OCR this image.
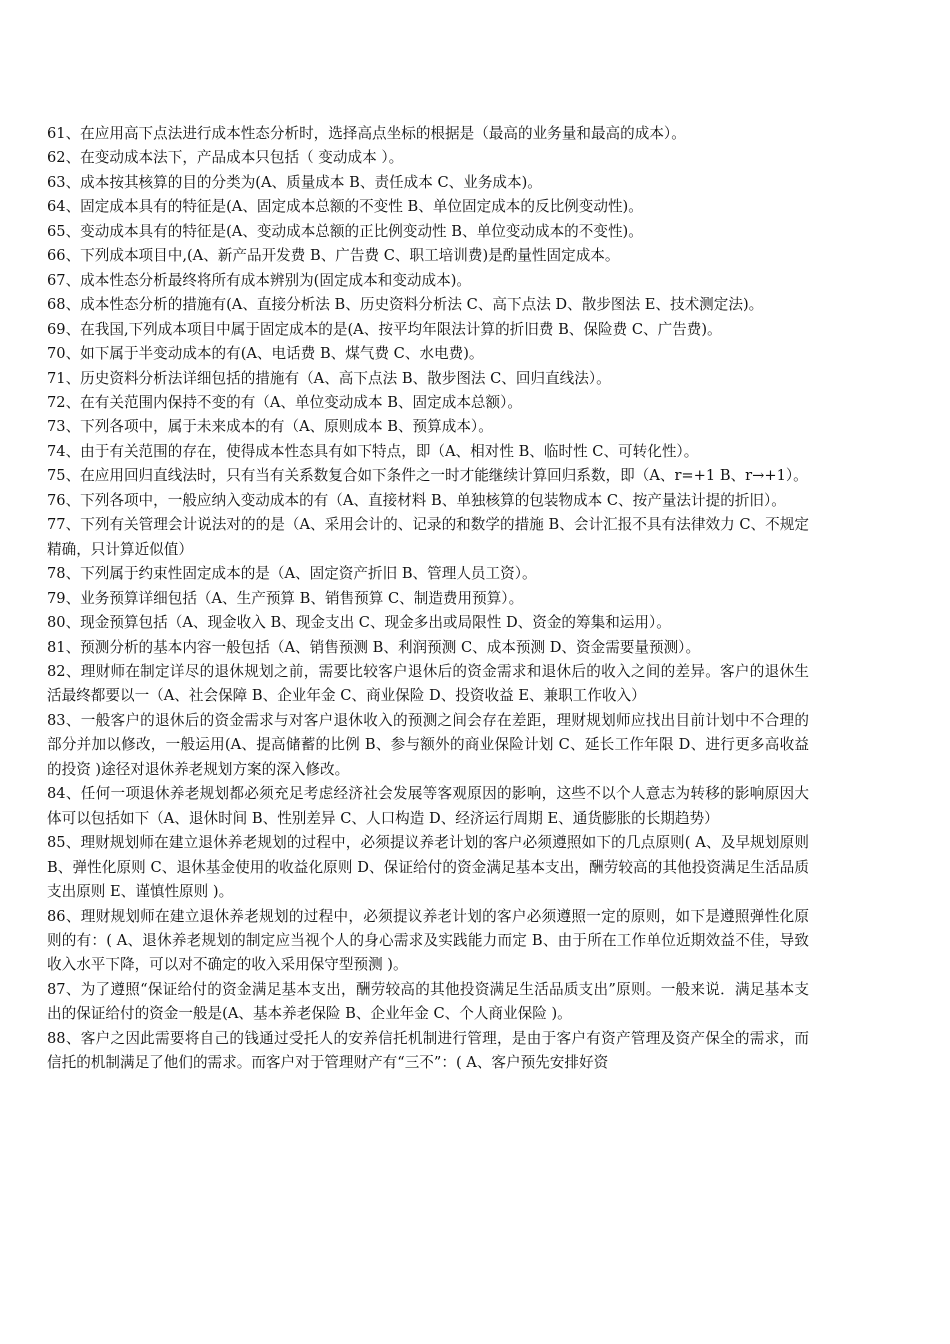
61、在应用高下点法进行成本性态分析时，选择高点坐标的根据是（最高的业务量和最高的成本）。

62、在变动成本法下，产品成本只包括（ 变动成本 ）。

63、成本按其核算的目的分类为(A、质量成本 B、责任成本 C、业务成本)。

64、固定成本具有的特征是(A、固定成本总额的不变性 B、单位固定成本的反比例变动性)。

65、变动成本具有的特征是(A、变动成本总额的正比例变动性 B、单位变动成本的不变性)。

66、下列成本项目中,(A、新产品开发费 B、广告费 C、职工培训费)是酌量性固定成本。

67、成本性态分析最终将所有成本辨别为(固定成本和变动成本)。

68、成本性态分析的措施有(A、直接分析法 B、历史资料分析法 C、高下点法 D、散步图法 E、技术测定法)。

69、在我国,下列成本项目中属于固定成本的是(A、按平均年限法计算的折旧费 B、保险费 C、广告费)。

70、如下属于半变动成本的有(A、电话费 B、煤气费 C、水电费)。

71、历史资料分析法详细包括的措施有（A、高下点法 B、散步图法 C、回归直线法）。

72、在有关范围内保持不变的有（A、单位变动成本 B、固定成本总额）。

73、下列各项中，属于未来成本的有（A、原则成本 B、预算成本）。

74、由于有关范围的存在，使得成本性态具有如下特点，即（A、相对性 B、临时性 C、可转化性）。

75、在应用回归直线法时，只有当有关系数复合如下条件之一时才能继续计算回归系数，即（A、r=+1 B、r→+1）。

76、下列各项中，一般应纳入变动成本的有（A、直接材料 B、单独核算的包装物成本 C、按产量法计提的折旧）。

77、下列有关管理会计说法对的的是（A、采用会计的、记录的和数学的措施 B、会计汇报不具有法律效力 C、不规定精确，只计算近似值）

78、下列属于约束性固定成本的是（A、固定资产折旧 B、管理人员工资）。

79、业务预算详细包括（A、生产预算 B、销售预算 C、制造费用预算）。

80、现金预算包括（A、现金收入 B、现金支出 C、现金多出或局限性 D、资金的筹集和运用）。

81、预测分析的基本内容一般包括（A、销售预测 B、利润预测 C、成本预测 D、资金需要量预测）。

82、理财师在制定详尽的退休规划之前，需要比较客户退休后的资金需求和退休后的收入之间的差异。客户的退休生活最终都要以一（A、社会保障 B、企业年金 C、商业保险 D、投资收益 E、兼职工作收入）

83、一般客户的退休后的资金需求与对客户退休收入的预测之间会存在差距，理财规划师应找出目前计划中不合理的部分并加以修改，一般运用(A、提高储蓄的比例 B、参与额外的商业保险计划 C、延长工作年限 D、进行更多高收益的投资 )途径对退休养老规划方案的深入修改。

84、任何一项退休养老规划都必须充足考虑经济社会发展等客观原因的影响，这些不以个人意志为转移的影响原因大体可以包括如下（A、退休时间 B、性别差异 C、人口构造 D、经济运行周期 E、通货膨胀的长期趋势）

85、理财规划师在建立退休养老规划的过程中，必须提议养老计划的客户必须遵照如下的几点原则( A、及早规划原则 B、弹性化原则 C、退休基金使用的收益化原则 D、保证给付的资金满足基本支出，酬劳较高的其他投资满足生活品质支出原则 E、谨慎性原则 )。

86、理财规划师在建立退休养老规划的过程中，必须提议养老计划的客户必须遵照一定的原则，如下是遵照弹性化原则的有：( A、退休养老规划的制定应当视个人的身心需求及实践能力而定 B、由于所在工作单位近期效益不佳，导致收入水平下降，可以对不确定的收入采用保守型预测 )。

87、为了遵照“保证给付的资金满足基本支出，酬劳较高的其他投资满足生活品质支出”原则。一般来说．满足基本支出的保证给付的资金一般是(A、基本养老保险 B、企业年金 C、个人商业保险 )。

88、客户之因此需要将自己的钱通过受托人的安养信托机制进行管理，是由于客户有资产管理及资产保全的需求，而信托的机制满足了他们的需求。而客户对于管理财产有“三不”：( A、客户预先安排好资
